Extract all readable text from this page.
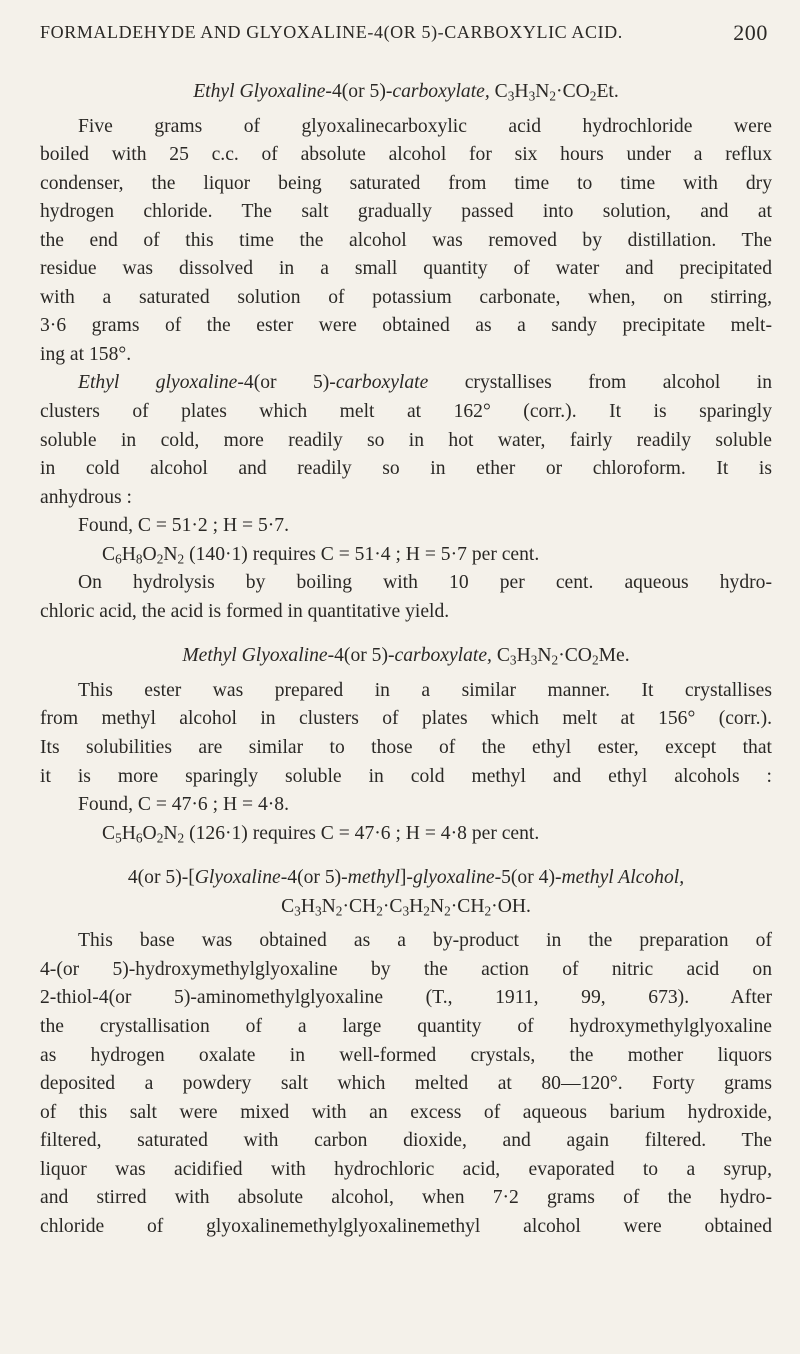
FORMALDEHYDE AND GLYOXALINE-4(OR 5)-CARBOXYLIC ACID.	200
Ethyl Glyoxaline-4(or 5)-carboxylate, $C_3H_3N_2\cdot CO_2Et$.
Five grams of glyoxalinecarboxylic acid hydrochloride were
boiled with 25 c.c. of absolute alcohol for six hours under a reflux
condenser, the liquor being saturated from time to time with dry
hydrogen chloride. The salt gradually passed into solution, and at
the end of this time the alcohol was removed by distillation. The
residue was dissolved in a small quantity of water and precipitated
with a saturated solution of potassium carbonate, when, on stirring,
3·6 grams of the ester were obtained as a sandy precipitate melt-
ing at 158°.
Ethyl glyoxaline-4(or 5)-carboxylate crystallises from alcohol in
clusters of plates which melt at 162° (corr.). It is sparingly
soluble in cold, more readily so in hot water, fairly readily soluble
in cold alcohol and readily so in ether or chloroform. It is
anhydrous :
Found, C = 51·2 ; H = 5·7.
$C_6H_8O_2N_2$ (140·1) requires C = 51·4 ; H = 5·7 per cent.
On hydrolysis by boiling with 10 per cent. aqueous hydro-
chloric acid, the acid is formed in quantitative yield.
Methyl Glyoxaline-4(or 5)-carboxylate, $C_3H_3N_2\cdot CO_2Me$.
This ester was prepared in a similar manner. It crystallises
from methyl alcohol in clusters of plates which melt at 156° (corr.).
Its solubilities are similar to those of the ethyl ester, except that
it is more sparingly soluble in cold methyl and ethyl alcohols :
Found, C = 47·6 ; H = 4·8.
$C_5H_6O_2N_2$ (126·1) requires C = 47·6 ; H = 4·8 per cent.
4(or 5)-[Glyoxaline-4(or 5)-methyl]-glyoxaline-5(or 4)-methyl Alcohol,
$C_3H_3N_2\cdot CH_2\cdot C_3H_2N_2\cdot CH_2\cdot OH$.
This base was obtained as a by-product in the preparation of
4-(or 5)-hydroxymethylglyoxaline by the action of nitric acid on
2-thiol-4(or 5)-aminomethylglyoxaline (T., 1911, 99, 673). After
the crystallisation of a large quantity of hydroxymethylglyoxaline
as hydrogen oxalate in well-formed crystals, the mother liquors
deposited a powdery salt which melted at 80—120°. Forty grams
of this salt were mixed with an excess of aqueous barium hydroxide,
filtered, saturated with carbon dioxide, and again filtered. The
liquor was acidified with hydrochloric acid, evaporated to a syrup,
and stirred with absolute alcohol, when 7·2 grams of the hydro-
chloride of glyoxalinemethylglyoxalinemethyl alcohol were obtained
